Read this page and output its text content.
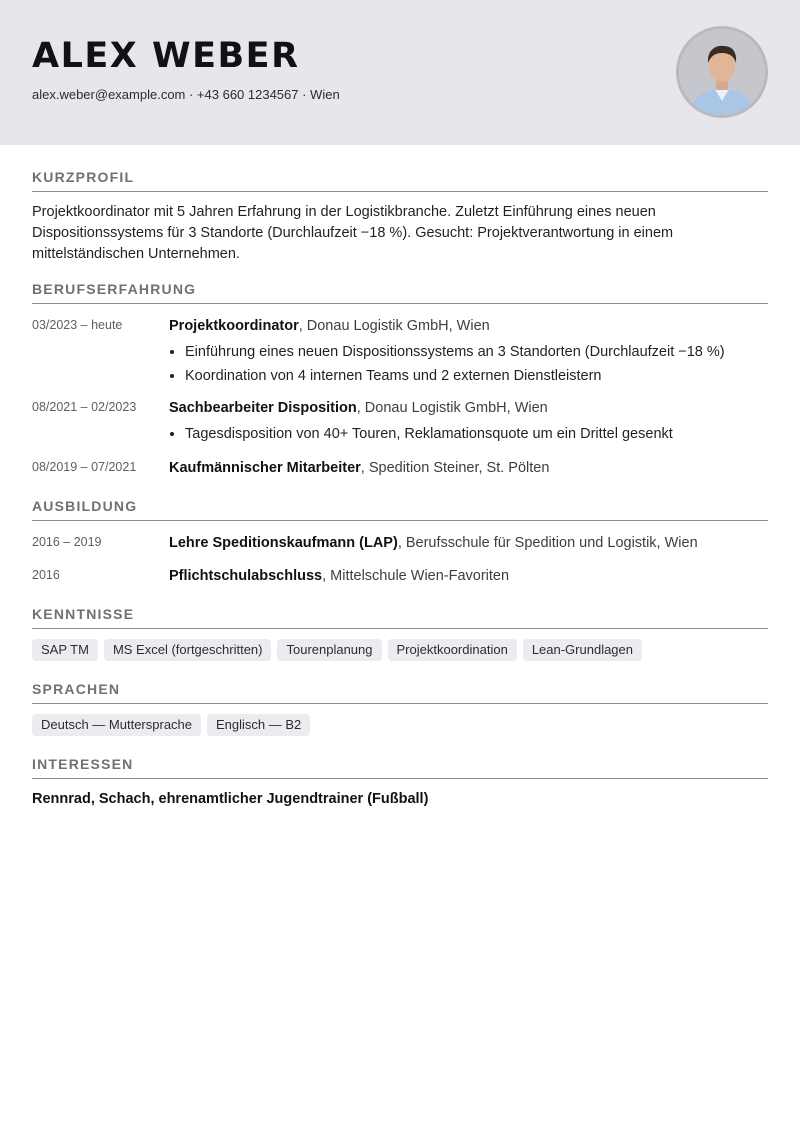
ALEX WEBER
alex.weber@example.com · +43 660 1234567 · Wien
KURZPROFIL

Projektkoordinator mit 5 Jahren Erfahrung in der Logistikbranche. Zuletzt Einführung eines neuen Dispositionssystems für 3 Standorte (Durchlaufzeit −18 %). Gesucht: Projektverantwortung in einem mittelständischen Unternehmen.

BERUFSERFAHRUNG
03/2023 – heute	Projektkoordinator, Donau Logistik GmbH, Wien
• Einführung eines neuen Dispositionssystems an 3 Standorten (Durchlaufzeit −18 %)
• Koordination von 4 internen Teams und 2 externen Dienstleistern
08/2021 – 02/2023	Sachbearbeiter Disposition, Donau Logistik GmbH, Wien
• Tagesdisposition von 40+ Touren, Reklamationsquote um ein Drittel gesenkt
08/2019 – 07/2021	Kaufmännischer Mitarbeiter, Spedition Steiner, St. Pölten
AUSBILDUNG
2016 – 2019	Lehre Speditionskaufmann (LAP), Berufsschule für Spedition und Logistik, Wien
2016	Pflichtschulabschluss, Mittelschule Wien-Favoriten
KENNTNISSE
SAP TM	MS Excel (fortgeschritten)	Tourenplanung	Projektkoordination	Lean-Grundlagen
SPRACHEN
Deutsch — Muttersprache	Englisch — B2
INTERESSEN
Rennrad, Schach, ehrenamtlicher Jugendtrainer (Fußball)
